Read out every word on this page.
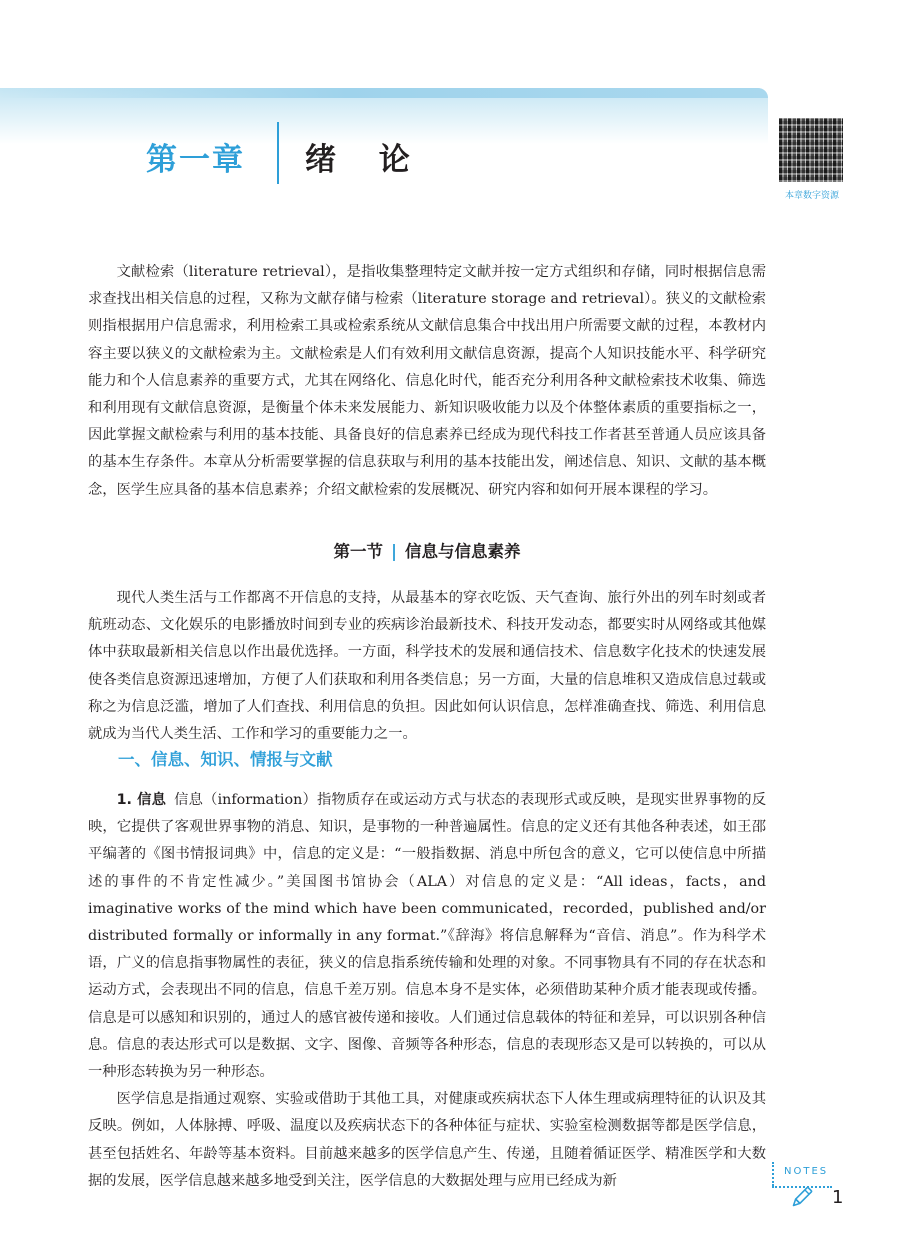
第一章 绪 论
本章数字资源

文献检索（literature retrieval），是指收集整理特定文献并按一定方式组织和存储，同时根据信息需求查找出相关信息的过程，又称为文献存储与检索（literature storage and retrieval）。狭义的文献检索则指根据用户信息需求，利用检索工具或检索系统从文献信息集合中找出用户所需要文献的过程，本教材内容主要以狭义的文献检索为主。文献检索是人们有效利用文献信息资源，提高个人知识技能水平、科学研究能力和个人信息素养的重要方式，尤其在网络化、信息化时代，能否充分利用各种文献检索技术收集、筛选和利用现有文献信息资源，是衡量个体未来发展能力、新知识吸收能力以及个体整体素质的重要指标之一，因此掌握文献检索与利用的基本技能、具备良好的信息素养已经成为现代科技工作者甚至普通人员应该具备的基本生存条件。本章从分析需要掌握的信息获取与利用的基本技能出发，阐述信息、知识、文献的基本概念，医学生应具备的基本信息素养；介绍文献检索的发展概况、研究内容和如何开展本课程的学习。

第一节 | 信息与信息素养

现代人类生活与工作都离不开信息的支持，从最基本的穿衣吃饭、天气查询、旅行外出的列车时刻或者航班动态、文化娱乐的电影播放时间到专业的疾病诊治最新技术、科技开发动态，都要实时从网络或其他媒体中获取最新相关信息以作出最优选择。一方面，科学技术的发展和通信技术、信息数字化技术的快速发展使各类信息资源迅速增加，方便了人们获取和利用各类信息；另一方面，大量的信息堆积又造成信息过载或称之为信息泛滥，增加了人们查找、利用信息的负担。因此如何认识信息，怎样准确查找、筛选、利用信息就成为当代人类生活、工作和学习的重要能力之一。

一、信息、知识、情报与文献

1. 信息 信息（information）指物质存在或运动方式与状态的表现形式或反映，是现实世界事物的反映，它提供了客观世界事物的消息、知识，是事物的一种普遍属性。信息的定义还有其他各种表述，如王邵平编著的《图书情报词典》中，信息的定义是：“一般指数据、消息中所包含的意义，它可以使信息中所描述的事件的不肯定性减少。”美国图书馆协会（ALA）对信息的定义是：“All ideas，facts，and imaginative works of the mind which have been communicated，recorded，published and/or distributed formally or informally in any format.”《辞海》将信息解释为“音信、消息”。作为科学术语，广义的信息指事物属性的表征，狭义的信息指系统传输和处理的对象。不同事物具有不同的存在状态和运动方式，会表现出不同的信息，信息千差万别。信息本身不是实体，必须借助某种介质才能表现或传播。信息是可以感知和识别的，通过人的感官被传递和接收。人们通过信息载体的特征和差异，可以识别各种信息。信息的表达形式可以是数据、文字、图像、音频等各种形态，信息的表现形态又是可以转换的，可以从一种形态转换为另一种形态。

医学信息是指通过观察、实验或借助于其他工具，对健康或疾病状态下人体生理或病理特征的认识及其反映。例如，人体脉搏、呼吸、温度以及疾病状态下的各种体征与症状、实验室检测数据等都是医学信息，甚至包括姓名、年龄等基本资料。目前越来越多的医学信息产生、传递，且随着循证医学、精准医学和大数据的发展，医学信息越来越多地受到关注，医学信息的大数据处理与应用已经成为新

NOTES
1
